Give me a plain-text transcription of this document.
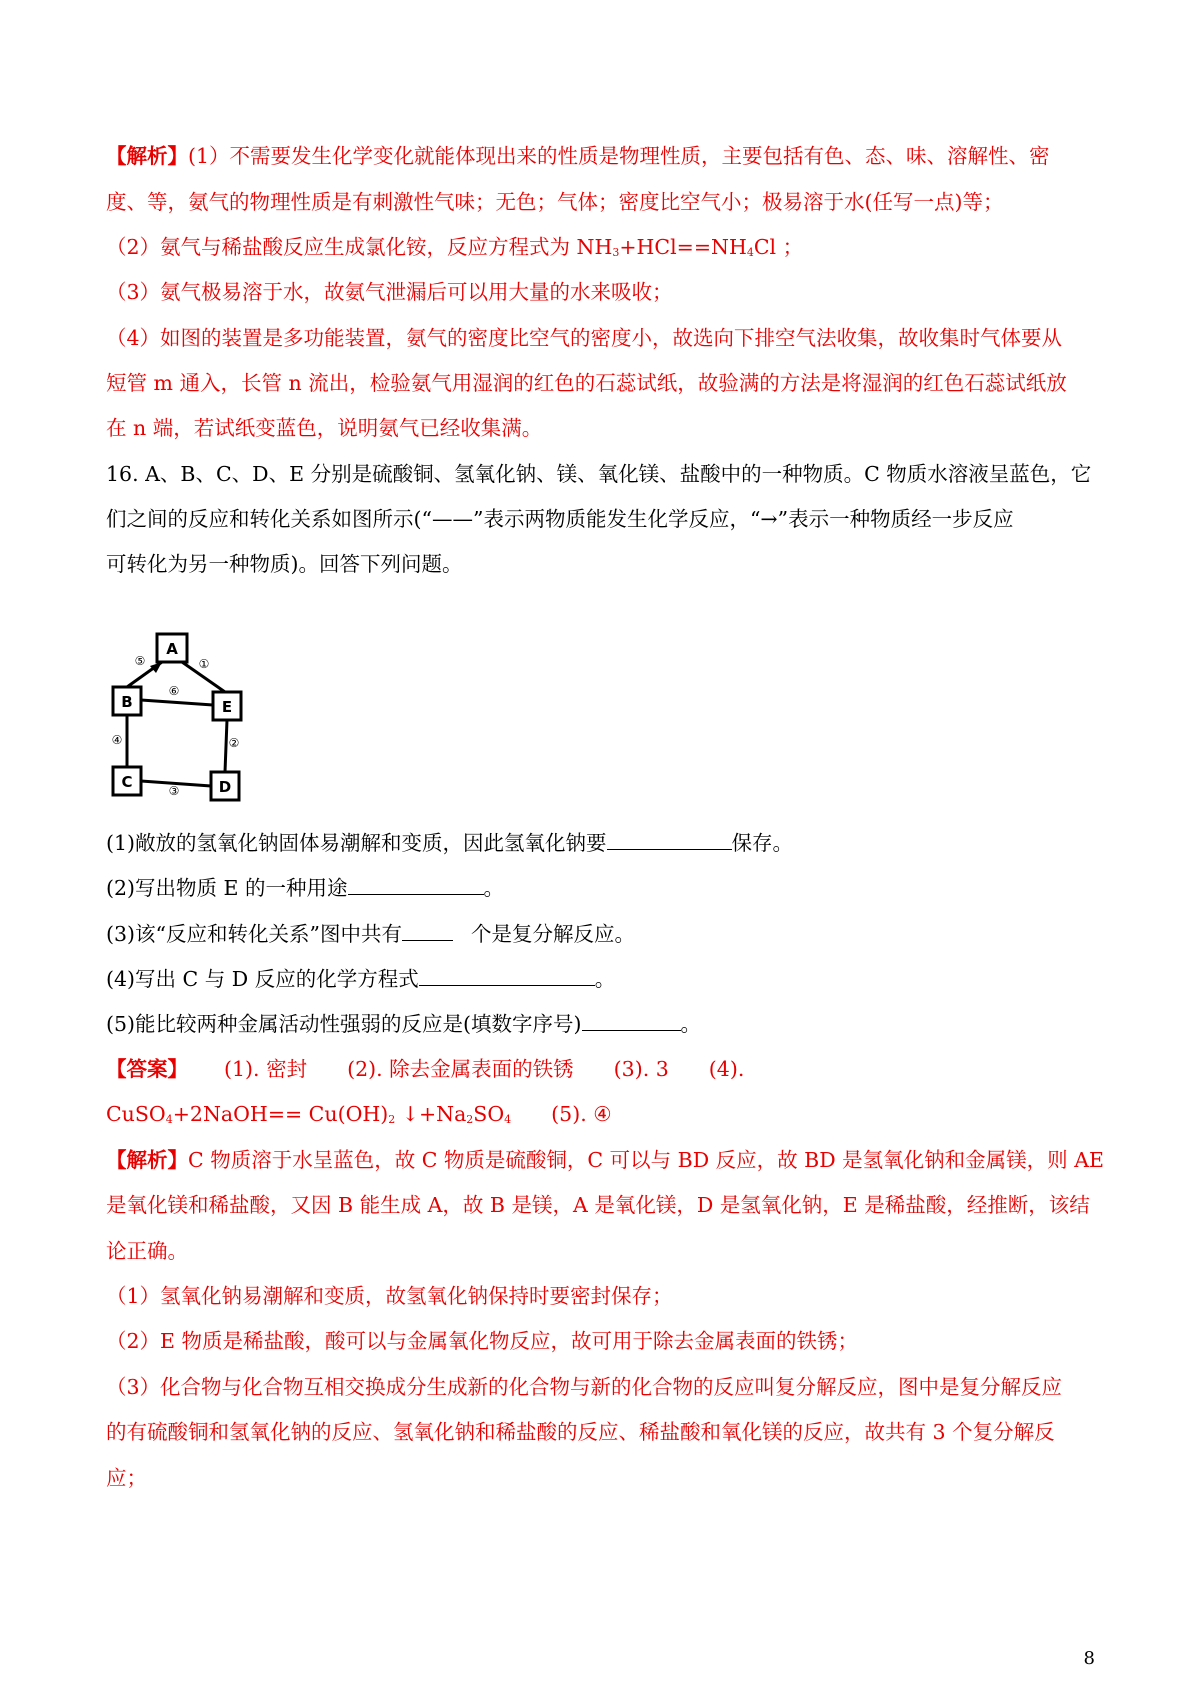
【解析】(1）不需要发生化学变化就能体现出来的性质是物理性质，主要包括有色、态、味、溶解性、密
度、等，氨气的物理性质是有刺激性气味；无色；气体；密度比空气小；极易溶于水(任写一点)等；
（2）氨气与稀盐酸反应生成氯化铵，反应方程式为 $NH_3+HCl==NH_4Cl$ ；
（3）氨气极易溶于水，故氨气泄漏后可以用大量的水来吸收；
（4）如图的装置是多功能装置，氨气的密度比空气的密度小，故选向下排空气法收集，故收集时气体要从
短管 m 通入，长管 n 流出，检验氨气用湿润的红色的石蕊试纸，故验满的方法是将湿润的红色石蕊试纸放
在 n 端，若试纸变蓝色，说明氨气已经收集满。
16. A、B、C、D、E 分别是硫酸铜、氢氧化钠、镁、氧化镁、盐酸中的一种物质。C 物质水溶液呈蓝色，它
们之间的反应和转化关系如图所示(“——”表示两物质能发生化学反应，“→”表示一种物质经一步反应
可转化为另一种物质)。回答下列问题。
A
B	E
C	D
⑤	①
⑥
④	②
③
(1)敞放的氢氧化钠固体易潮解和变质，因此氢氧化钠要	保存。
(2)写出物质 E 的一种用途	。
(3)该“反应和转化关系”图中共有	个是复分解反应。
(4)写出 C 与 D 反应的化学方程式	。
(5)能比较两种金属活动性强弱的反应是(填数字序号)	。
【答案】 (1). 密封 (2). 除去金属表面的铁锈 (3). 3 (4).
CuSO$_4$+2NaOH== $Cu(OH)_2$ $↓+Na_2SO_4$ (5). ④
【解析】C 物质溶于水呈蓝色，故 C 物质是硫酸铜，C 可以与 BD 反应，故 BD 是氢氧化钠和金属镁，则 AE
是氧化镁和稀盐酸，又因 B 能生成 A，故 B 是镁，A 是氧化镁，D 是氢氧化钠，E 是稀盐酸，经推断，该结
论正确。
（1）氢氧化钠易潮解和变质，故氢氧化钠保持时要密封保存；
（2）E 物质是稀盐酸，酸可以与金属氧化物反应，故可用于除去金属表面的铁锈；
（3）化合物与化合物互相交换成分生成新的化合物与新的化合物的反应叫复分解反应，图中是复分解反应
的有硫酸铜和氢氧化钠的反应、氢氧化钠和稀盐酸的反应、稀盐酸和氧化镁的反应，故共有 3 个复分解反
应；
8
